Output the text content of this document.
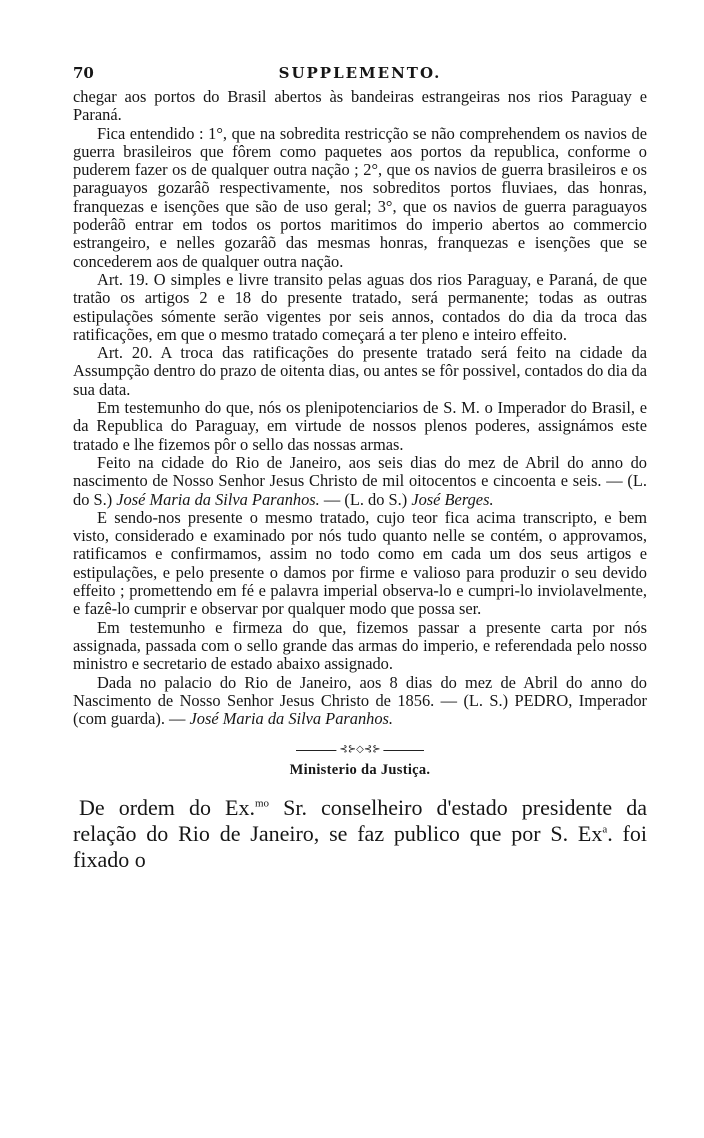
70	SUPPLEMENTO.

chegar aos portos do Brasil abertos às bandeiras estrangeiras nos rios Paraguay e Paraná.

Fica entendido : 1°, que na sobredita restricção se não comprehendem os navios de guerra brasileiros que fôrem como paquetes aos portos da republica, conforme o puderem fazer os de qualquer outra nação ; 2°, que os navios de guerra brasileiros e os paraguayos gozarâõ respectivamente, nos sobreditos portos fluviaes, das honras, franquezas e isenções que são de uso geral; 3°, que os navios de guerra paraguayos poderâõ entrar em todos os portos maritimos do imperio abertos ao commercio estrangeiro, e nelles gozarâõ das mesmas honras, franquezas e isenções que se concederem aos de qualquer outra nação.

Art. 19. O simples e livre transito pelas aguas dos rios Paraguay, e Paraná, de que tratão os artigos 2 e 18 do presente tratado, será permanente; todas as outras estipulações sómente serão vigentes por seis annos, contados do dia da troca das ratificações, em que o mesmo tratado começará a ter pleno e inteiro effeito.

Art. 20. A troca das ratificações do presente tratado será feito na cidade da Assumpção dentro do prazo de oitenta dias, ou antes se fôr possivel, contados do dia da sua data.

Em testemunho do que, nós os plenipotenciarios de S. M. o Imperador do Brasil, e da Republica do Paraguay, em virtude de nossos plenos poderes, assignámos este tratado e lhe fizemos pôr o sello das nossas armas.

Feito na cidade do Rio de Janeiro, aos seis dias do mez de Abril do anno do nascimento de Nosso Senhor Jesus Christo de mil oitocentos e cincoenta e seis. — (L. do S.) José Maria da Silva Paranhos. — (L. do S.) José Berges.

E sendo-nos presente o mesmo tratado, cujo teor fica acima transcripto, e bem visto, considerado e examinado por nós tudo quanto nelle se contém, o approvamos, ratificamos e confirmamos, assim no todo como em cada um dos seus artigos e estipulações, e pelo presente o damos por firme e valioso para produzir o seu devido effeito ; promettendo em fé e palavra imperial observa-lo e cumpri-lo inviolavelmente, e fazê-lo cumprir e observar por qualquer modo que possa ser.

Em testemunho e firmeza do que, fizemos passar a presente carta por nós assignada, passada com o sello grande das armas do imperio, e referendada pelo nosso ministro e secretario de estado abaixo assignado.

Dada no palacio do Rio de Janeiro, aos 8 dias do mez de Abril do anno do Nascimento de Nosso Senhor Jesus Christo de 1856. — (L. S.) PEDRO, Imperador (com guarda). — José Maria da Silva Paranhos.

⊰⊱◇⊰⊱
Ministerio da Justiça.

De ordem do Ex.$^{mo}$ Sr. conselheiro d'estado presidente da relação do Rio de Janeiro, se faz publico que por S. Ex$^a$. foi fixado o
